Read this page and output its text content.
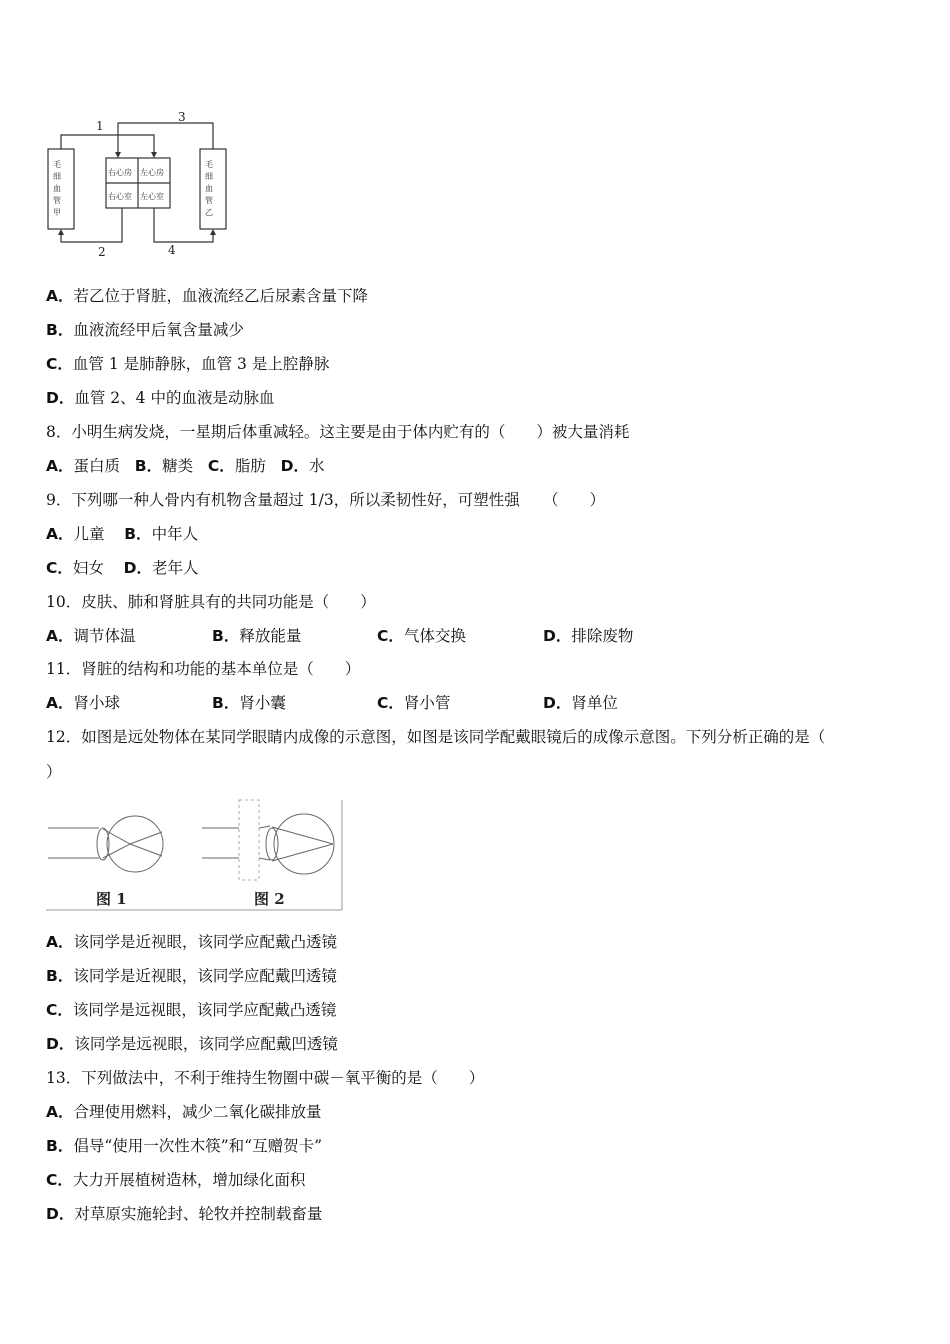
1
3
2	4
毛细血管甲	毛细血管乙
右心房 左心房
右心室 左心室
A．若乙位于肾脏，血液流经乙后尿素含量下降
B．血液流经甲后氧含量减少
C．血管 1 是肺静脉，血管 3 是上腔静脉
D．血管 2、4 中的血液是动脉血
8．小明生病发烧，一星期后体重减轻。这主要是由于体内贮有的（　　）被大量消耗
A．蛋白质 B．糖类 C．脂肪 D．水
9．下列哪一种人骨内有机物含量超过 1/3，所以柔韧性好，可塑性强　　（　　）
A．儿童 B．中年人
C．妇女 D．老年人
10．皮肤、肺和肾脏具有的共同功能是（　　）
A．调节体温	B．释放能量	C．气体交换	D．排除废物
11．肾脏的结构和功能的基本单位是（　　）
A．肾小球	B．肾小囊	C．肾小管	D．肾单位
12．如图是远处物体在某同学眼睛内成像的示意图，如图是该同学配戴眼镜后的成像示意图。下列分析正确的是（
）
图 1	图 2
A．该同学是近视眼，该同学应配戴凸透镜
B．该同学是近视眼，该同学应配戴凹透镜
C．该同学是远视眼，该同学应配戴凸透镜
D．该同学是远视眼，该同学应配戴凹透镜
13．下列做法中，不利于维持生物圈中碳－氧平衡的是（　　）
A．合理使用燃料，减少二氧化碳排放量
B．倡导“使用一次性木筷”和“互赠贺卡”
C．大力开展植树造林，增加绿化面积
D．对草原实施轮封、轮牧并控制载畜量
